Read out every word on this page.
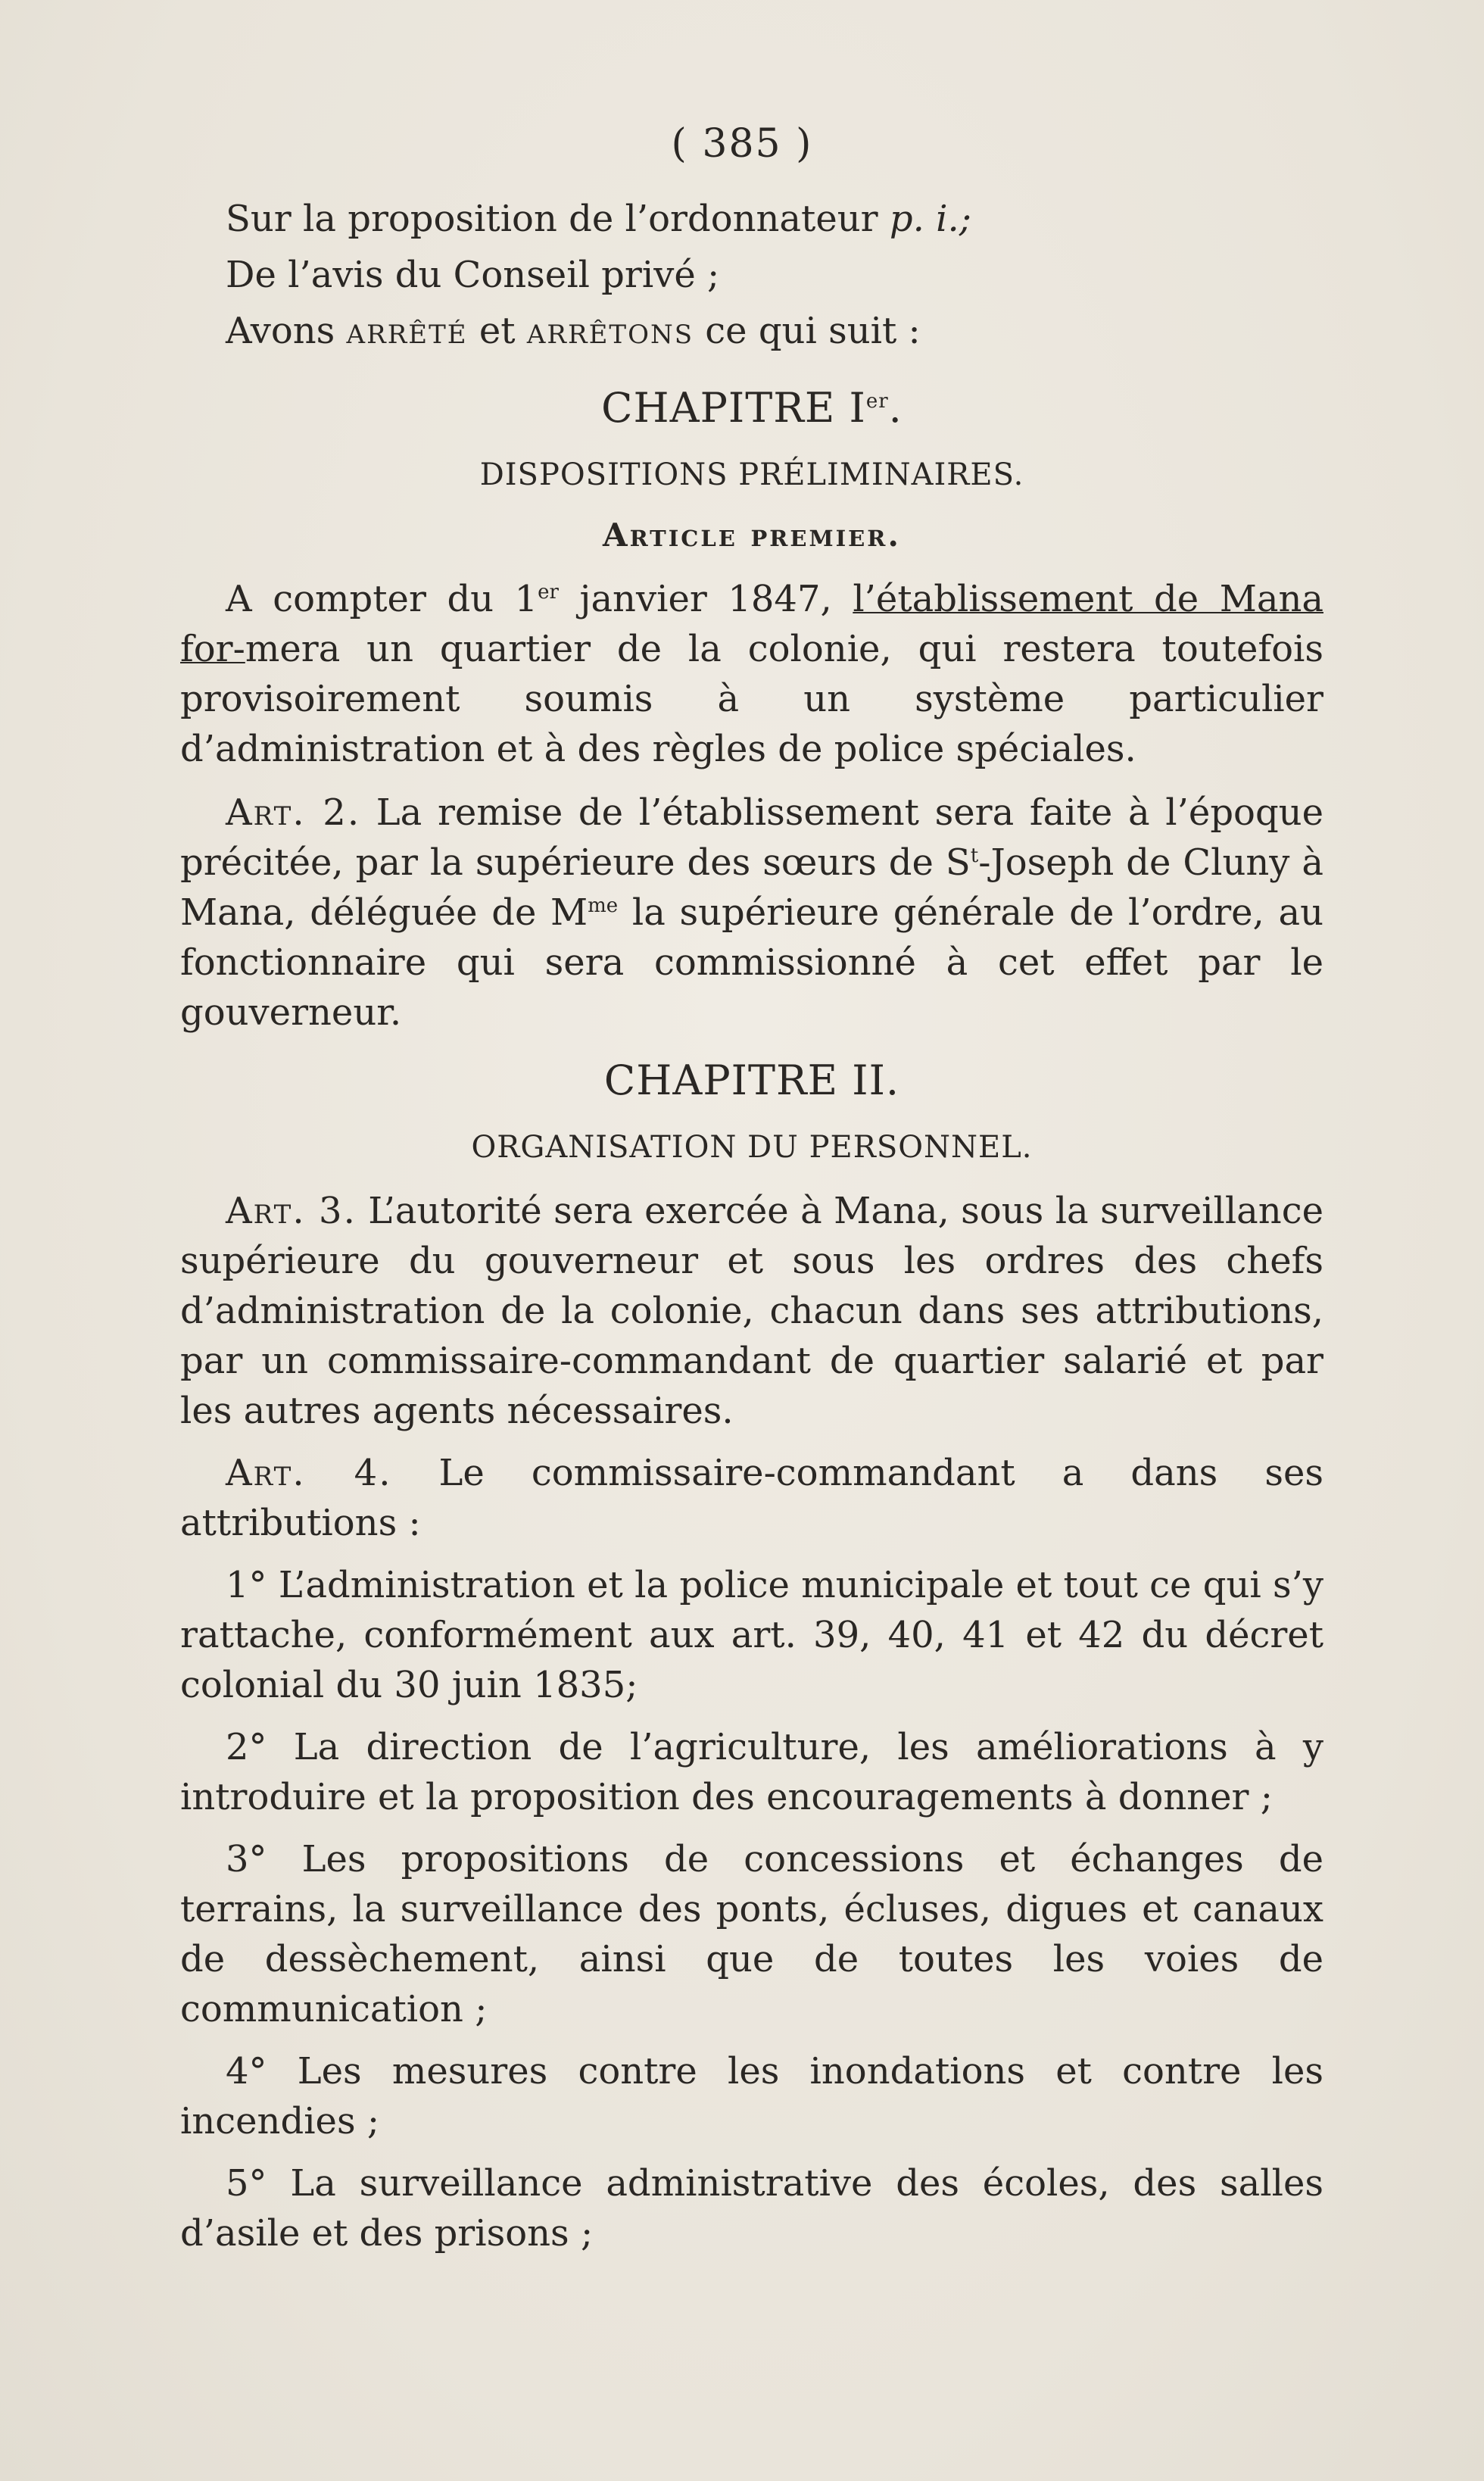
( 385 )
Sur la proposition de l’ordonnateur p. i.;
De l’avis du Conseil privé ;
Avons arrêté et arrêtons ce qui suit :
CHAPITRE Ier.
DISPOSITIONS PRÉLIMINAIRES.
Article premier.

A compter du 1er janvier 1847, l’établissement de Mana for-mera un quartier de la colonie, qui restera toutefois provisoirement soumis à un système particulier d’administration et à des règles de police spéciales.

Art. 2. La remise de l’établissement sera faite à l’époque précitée, par la supérieure des sœurs de $S^t$-Joseph de Cluny à Mana, déléguée de $M^{me}$ la supérieure générale de l’ordre, au fonctionnaire qui sera commissionné à cet effet par le gouverneur.

CHAPITRE II.
ORGANISATION DU PERSONNEL.

Art. 3. L’autorité sera exercée à Mana, sous la surveillance supérieure du gouverneur et sous les ordres des chefs d’administration de la colonie, chacun dans ses attributions, par un commissaire-commandant de quartier salarié et par les autres agents nécessaires.

Art. 4. Le commissaire-commandant a dans ses attributions :

1° L’administration et la police municipale et tout ce qui s’y rattache, conformément aux art. 39, 40, 41 et 42 du décret colonial du 30 juin 1835;

2° La direction de l’agriculture, les améliorations à y introduire et la proposition des encouragements à donner ;

3° Les propositions de concessions et échanges de terrains, la surveillance des ponts, écluses, digues et canaux de dessèchement, ainsi que de toutes les voies de communication ;

4° Les mesures contre les inondations et contre les incendies ;

5° La surveillance administrative des écoles, des salles d’asile et des prisons ;
